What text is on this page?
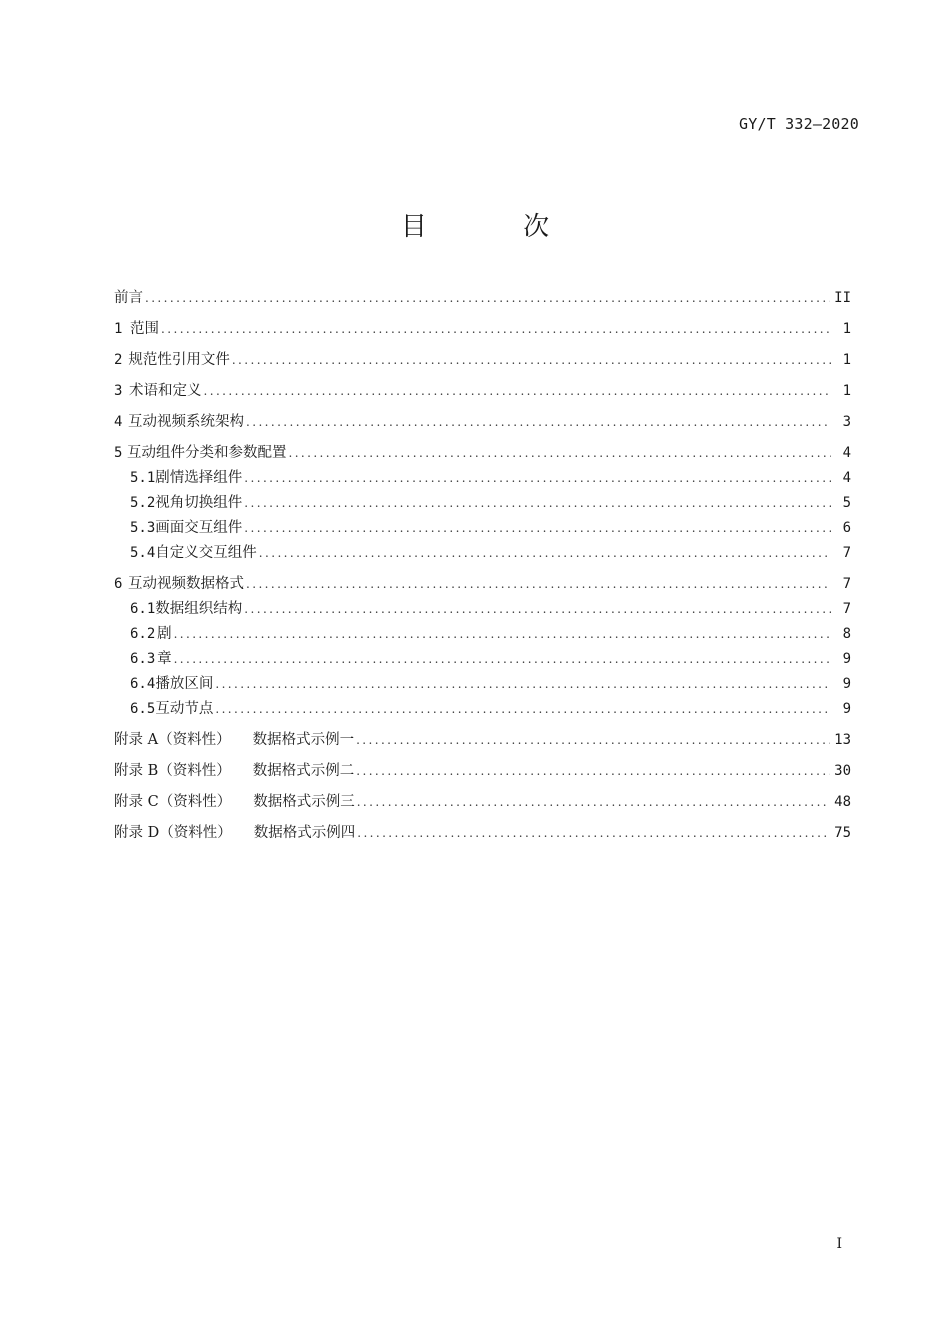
GY/T 332—2020
目 次
前言 .....	II
1 范围 .....	1
2 规范性引用文件 .....	1
3 术语和定义 .....	1
4 互动视频系统架构 .....	3
5 互动组件分类和参数配置 .....	4
5.1 剧情选择组件 .....	4
5.2 视角切换组件 .....	5
5.3 画面交互组件 .....	6
5.4 自定义交互组件 .....	7
6 互动视频数据格式 .....	7
6.1 数据组织结构 .....	7
6.2 剧 .....	8
6.3 章 .....	9
6.4 播放区间 .....	9
6.5 互动节点 .....	9
附录 A（资料性） 数据格式示例一 .....	13
附录 B（资料性） 数据格式示例二 .....	30
附录 C（资料性） 数据格式示例三 .....	48
附录 D（资料性） 数据格式示例四 .....	75
I
